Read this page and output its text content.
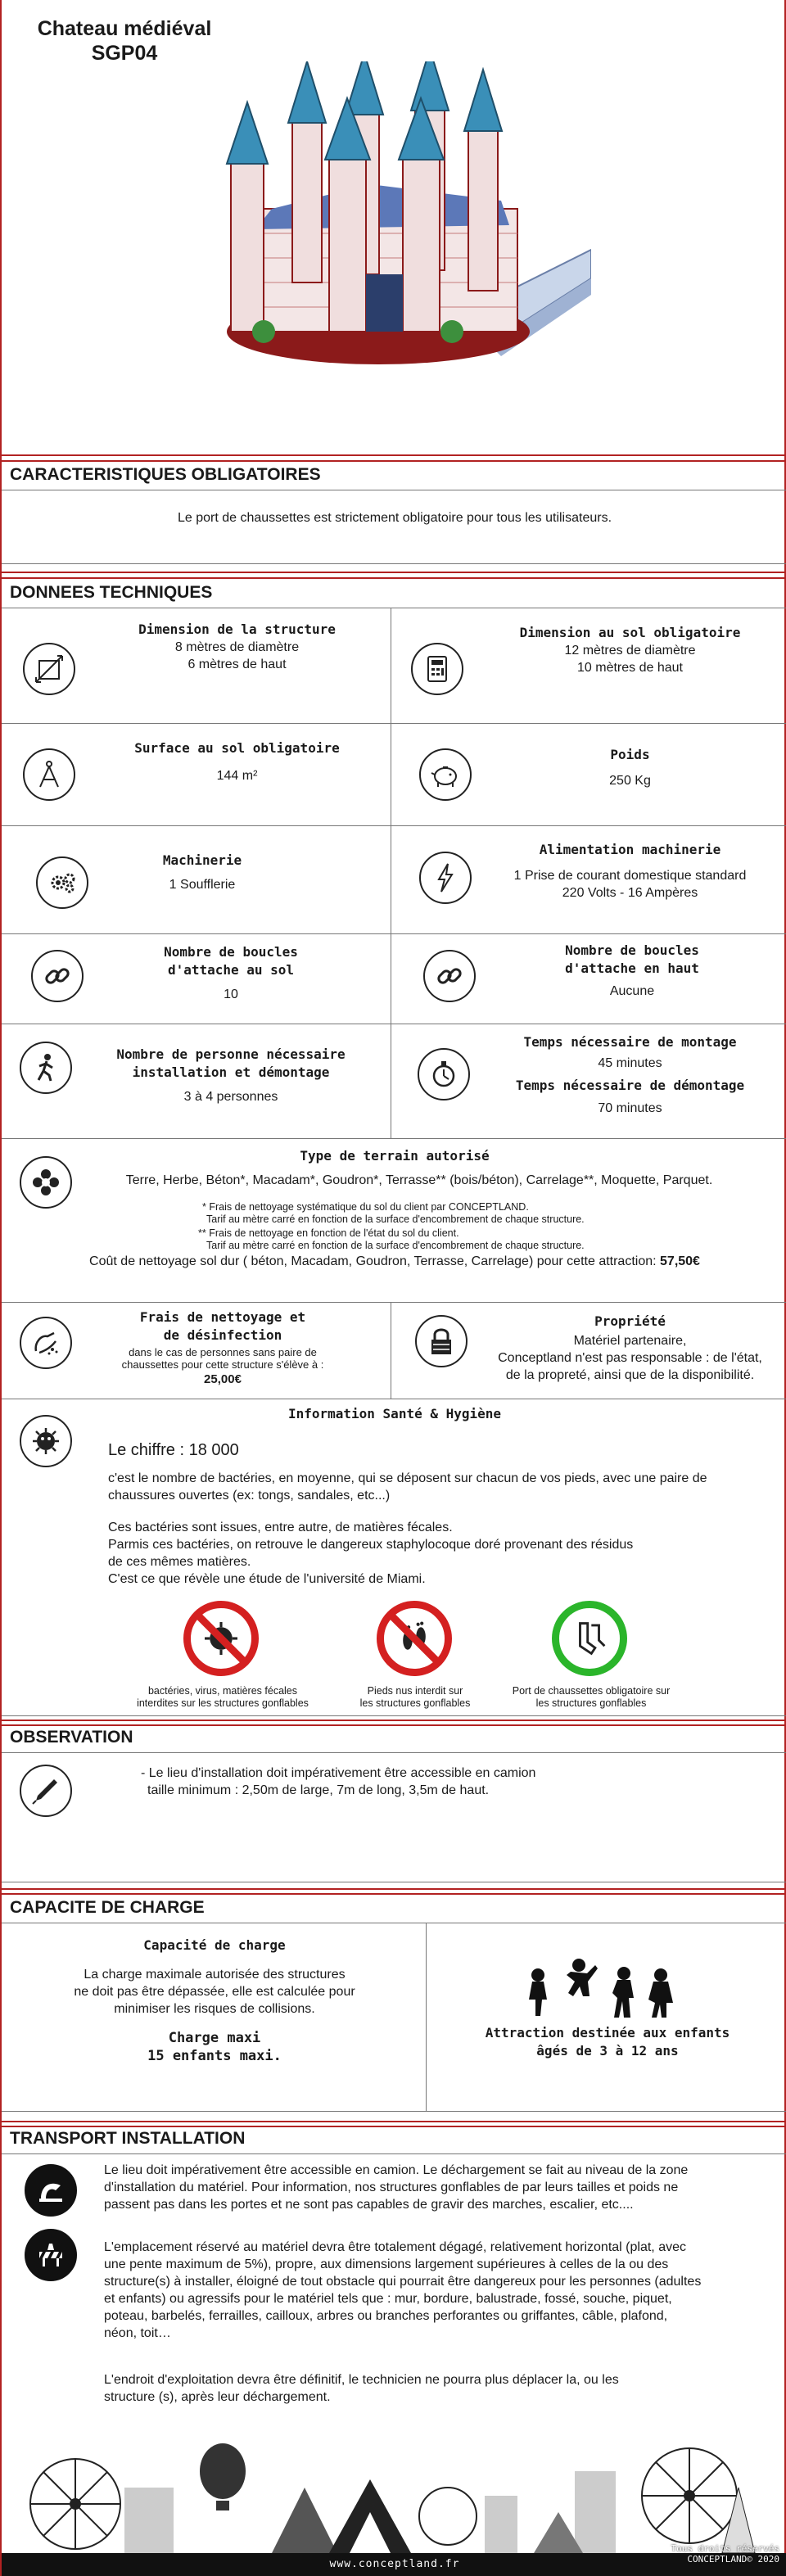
Chateau médiéval
SGP04
CARACTERISTIQUES OBLIGATOIRES
Le port de chaussettes est strictement obligatoire pour tous les utilisateurs.
DONNEES TECHNIQUES
Dimension de la structure
8 mètres de diamètre
6 mètres de haut
Dimension au sol obligatoire
12 mètres de diamètre
10 mètres de haut
Surface au sol obligatoire
144 m²
Poids
250 Kg
Machinerie
1 Soufflerie
Alimentation machinerie
1 Prise de courant domestique standard
220 Volts - 16 Ampères
Nombre de boucles
d'attache au sol
10
Nombre de boucles
d'attache en haut
Aucune
Nombre de personne nécessaire
installation et démontage
3 à 4 personnes
Temps nécessaire de montage
45 minutes
Temps nécessaire de démontage
70 minutes
Type de terrain autorisé
Terre, Herbe, Béton*, Macadam*, Goudron*, Terrasse** (bois/béton), Carrelage**, Moquette, Parquet.
* Frais de nettoyage systématique du sol du client par CONCEPTLAND.
Tarif au mètre carré en fonction de la surface d'encombrement de chaque structure.
** Frais de nettoyage en fonction de l'état du sol du client.
Tarif au mètre carré en fonction de la surface d'encombrement de chaque structure.
Coût de nettoyage sol dur ( béton, Macadam, Goudron, Terrasse, Carrelage) pour cette attraction: 57,50€
Frais de nettoyage et
de désinfection
dans le cas de personnes sans paire de
chaussettes pour cette structure s'élève à :
25,00€
Propriété
Matériel partenaire,
Conceptland n'est pas responsable : de l'état,
de la propreté, ainsi que de la disponibilité.
Information Santé & Hygiène
Le chiffre : 18 000
c'est le nombre de bactéries, en moyenne, qui se déposent sur chacun de vos pieds, avec une paire de
chaussures ouvertes (ex: tongs, sandales, etc...)
Ces bactéries sont issues, entre autre, de matières fécales.
Parmis ces bactéries, on retrouve le dangereux staphylocoque doré provenant des résidus
de ces mêmes matières.
C'est ce que révèle une étude de l'université de Miami.
bactéries, virus, matières fécales
interdites sur les structures gonflables
Pieds nus interdit sur
les structures gonflables
Port de chaussettes obligatoire sur
les structures gonflables
OBSERVATION
- Le lieu d'installation doit impérativement être accessible en camion
taille minimum : 2,50m de large, 7m de long, 3,5m de haut.
CAPACITE DE CHARGE
Capacité de charge
La charge maximale autorisée des structures
ne doit pas être dépassée, elle est calculée pour
minimiser les risques de collisions.
Charge maxi
15 enfants maxi.
Attraction destinée aux enfants
âgés de 3 à 12 ans
TRANSPORT INSTALLATION
Le lieu doit impérativement être accessible en camion. Le déchargement se fait au niveau de la zone
d'installation du matériel. Pour information, nos structures gonflables de par leurs tailles et poids ne
passent pas dans les portes et ne sont pas capables de gravir des marches, escalier, etc....
L'emplacement réservé au matériel devra être totalement dégagé, relativement horizontal (plat, avec
une pente maximum de 5%), propre, aux dimensions largement supérieures à celles de la ou des
structure(s) à installer, éloigné de tout obstacle qui pourrait être dangereux pour les personnes (adultes
et enfants) ou agressifs pour le matériel tels que : mur, bordure, balustrade, fossé, souche, piquet,
poteau, barbelés, ferrailles, cailloux, arbres ou branches perforantes ou griffantes, câble, plafond,
néon, toit…
L'endroit d'exploitation devra être définitif, le technicien ne pourra plus déplacer la, ou les
structure (s), après leur déchargement.
www.conceptland.fr
Tous droits réservés
CONCEPTLAND© 2020
